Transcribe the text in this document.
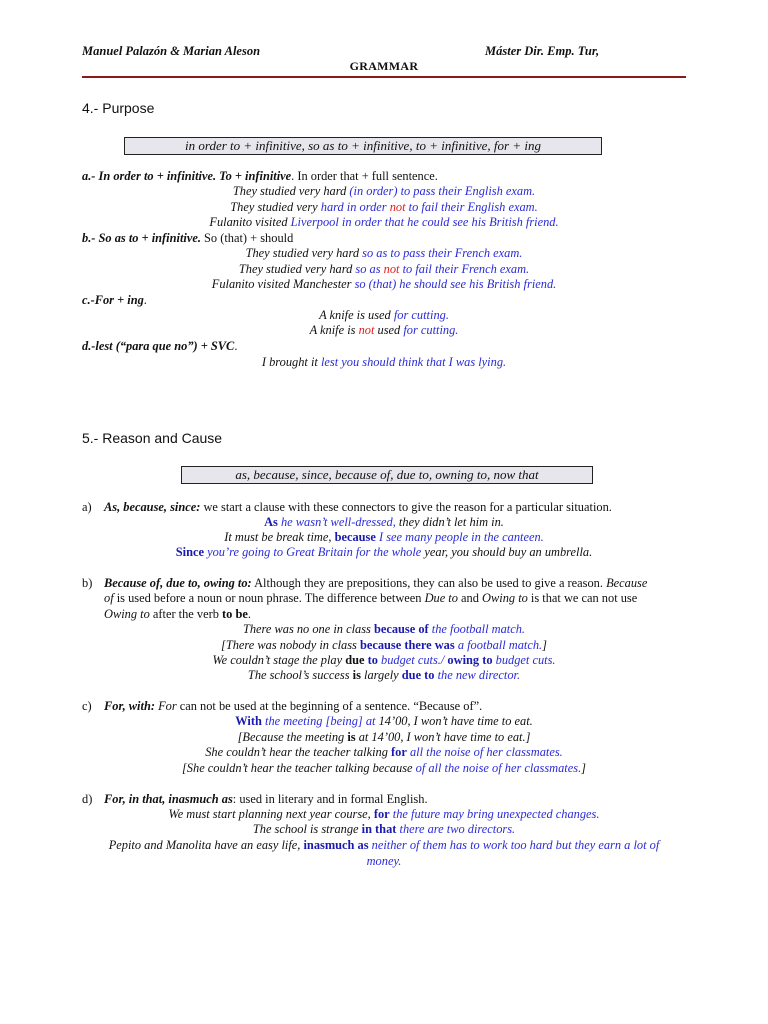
Manuel Palazón & Marian Aleson	Máster Dir. Emp. Tur,
GRAMMAR
4.- Purpose
in order to + infinitive, so as to + infinitive, to + infinitive, for + ing
a.- In order to + infinitive. To + infinitive. In order that + full sentence.
They studied very hard (in order) to pass their English exam.
They studied very hard in order not to fail their English exam.
Fulanito visited Liverpool in order that he could see his British friend.
b.- So as to + infinitive. So (that) + should
They studied very hard so as to pass their French exam.
They studied very hard so as not to fail their French exam.
Fulanito visited Manchester so (that) he should see his British friend.
c.-For + ing.
A knife is used for cutting.
A knife is not used for cutting.
d.-lest (“para que no”) + SVC.
I brought it lest you should think that I was lying.
5.- Reason and Cause
as, because, since, because of, due to, owning to, now that
a) As, because, since: we start a clause with these connectors to give the reason for a particular situation.
As he wasn’t well-dressed, they didn’t let him in.
It must be break time, because I see many people in the canteen.
Since you’re going to Great Britain for the whole year, you should buy an umbrella.
b) Because of, due to, owing to: Although they are prepositions, they can also be used to give a reason. Because
of is used before a noun or noun phrase. The difference between Due to and Owing to is that we can not use
Owing to after the verb to be.
There was no one in class because of the football match.
[There was nobody in class because there was a football match.]
We couldn’t stage the play due to budget cuts./ owing to budget cuts.
The school’s success is largely due to the new director.
c) For, with: For can not be used at the beginning of a sentence. “Because of”.
With the meeting [being] at 14’00, I won’t have time to eat.
[Because the meeting is at 14’00, I won’t have time to eat.]
She couldn’t hear the teacher talking for all the noise of her classmates.
[She couldn’t hear the teacher talking because of all the noise of her classmates.]
d) For, in that, inasmuch as: used in literary and in formal English.
We must start planning next year course, for the future may bring unexpected changes.
The school is strange in that there are two directors.
Pepito and Manolita have an easy life, inasmuch as neither of them has to work too hard but they earn a lot of
money.
